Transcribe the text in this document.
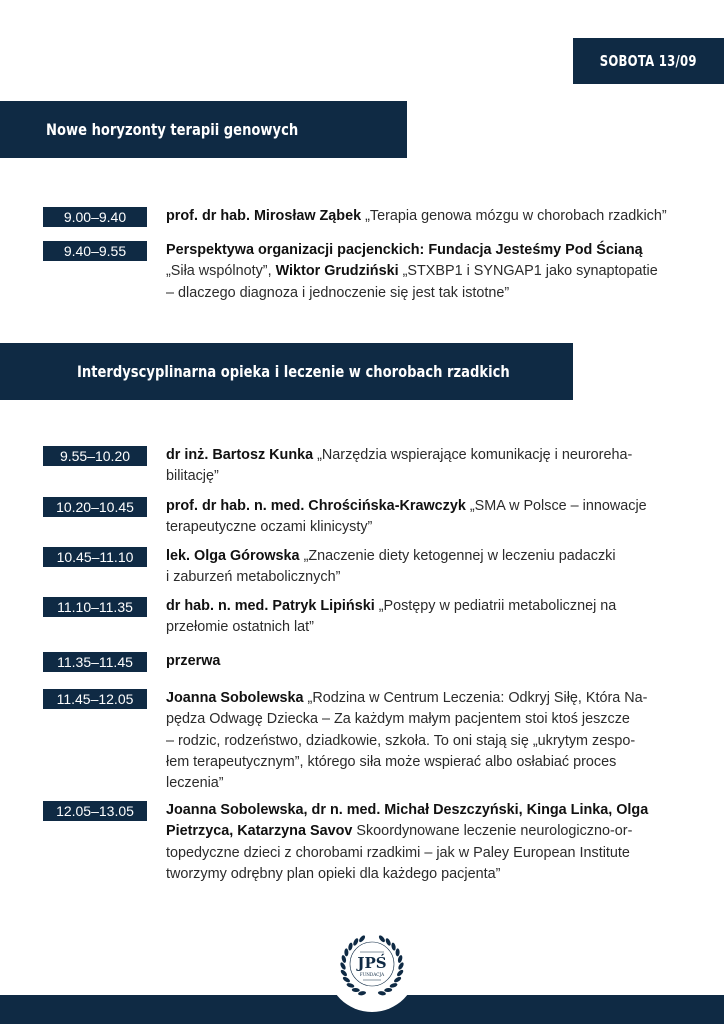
SOBOTA 13/09
Nowe horyzonty terapii genowych
Interdyscyplinarna opieka i leczenie w chorobach rzadkich
9.00–9.40	prof. dr hab. Mirosław Ząbek „Terapia genowa mózgu w chorobach rzadkich”
9.40–9.55	Perspektywa organizacji pacjenckich: Fundacja Jesteśmy Pod Ścianą
„Siła wspólnoty”, Wiktor Grudziński „STXBP1 i SYNGAP1 jako synaptopatie
– dlaczego diagnoza i jednoczenie się jest tak istotne”
9.55–10.20	dr inż. Bartosz Kunka „Narzędzia wspierające komunikację i neuroreha-
bilitację”
10.20–10.45	prof. dr hab. n. med. Chrościńska-Krawczyk „SMA w Polsce – innowacje
terapeutyczne oczami klinicysty”
10.45–11.10	lek. Olga Górowska „Znaczenie diety ketogennej w leczeniu padaczki
i zaburzeń metabolicznych”
11.10–11.35	dr hab. n. med. Patryk Lipiński „Postępy w pediatrii metabolicznej na
przełomie ostatnich lat”
11.35–11.45	przerwa
11.45–12.05	Joanna Sobolewska „Rodzina w Centrum Leczenia: Odkryj Siłę, Która Na-
pędza Odwagę Dziecka – Za każdym małym pacjentem stoi ktoś jeszcze
– rodzic, rodzeństwo, dziadkowie, szkoła. To oni stają się „ukrytym zespo-
łem terapeutycznym”, którego siła może wspierać albo osłabiać proces
leczenia”
12.05–13.05	Joanna Sobolewska, dr n. med. Michał Deszczyński, Kinga Linka, Olga
Pietrzyca, Katarzyna Savov Skoordynowane leczenie neurologiczno-or-
topedyczne dzieci z chorobami rzadkimi – jak w Paley European Institute
tworzymy odrębny plan opieki dla każdego pacjenta”
JPŚ
FUNDACJA
